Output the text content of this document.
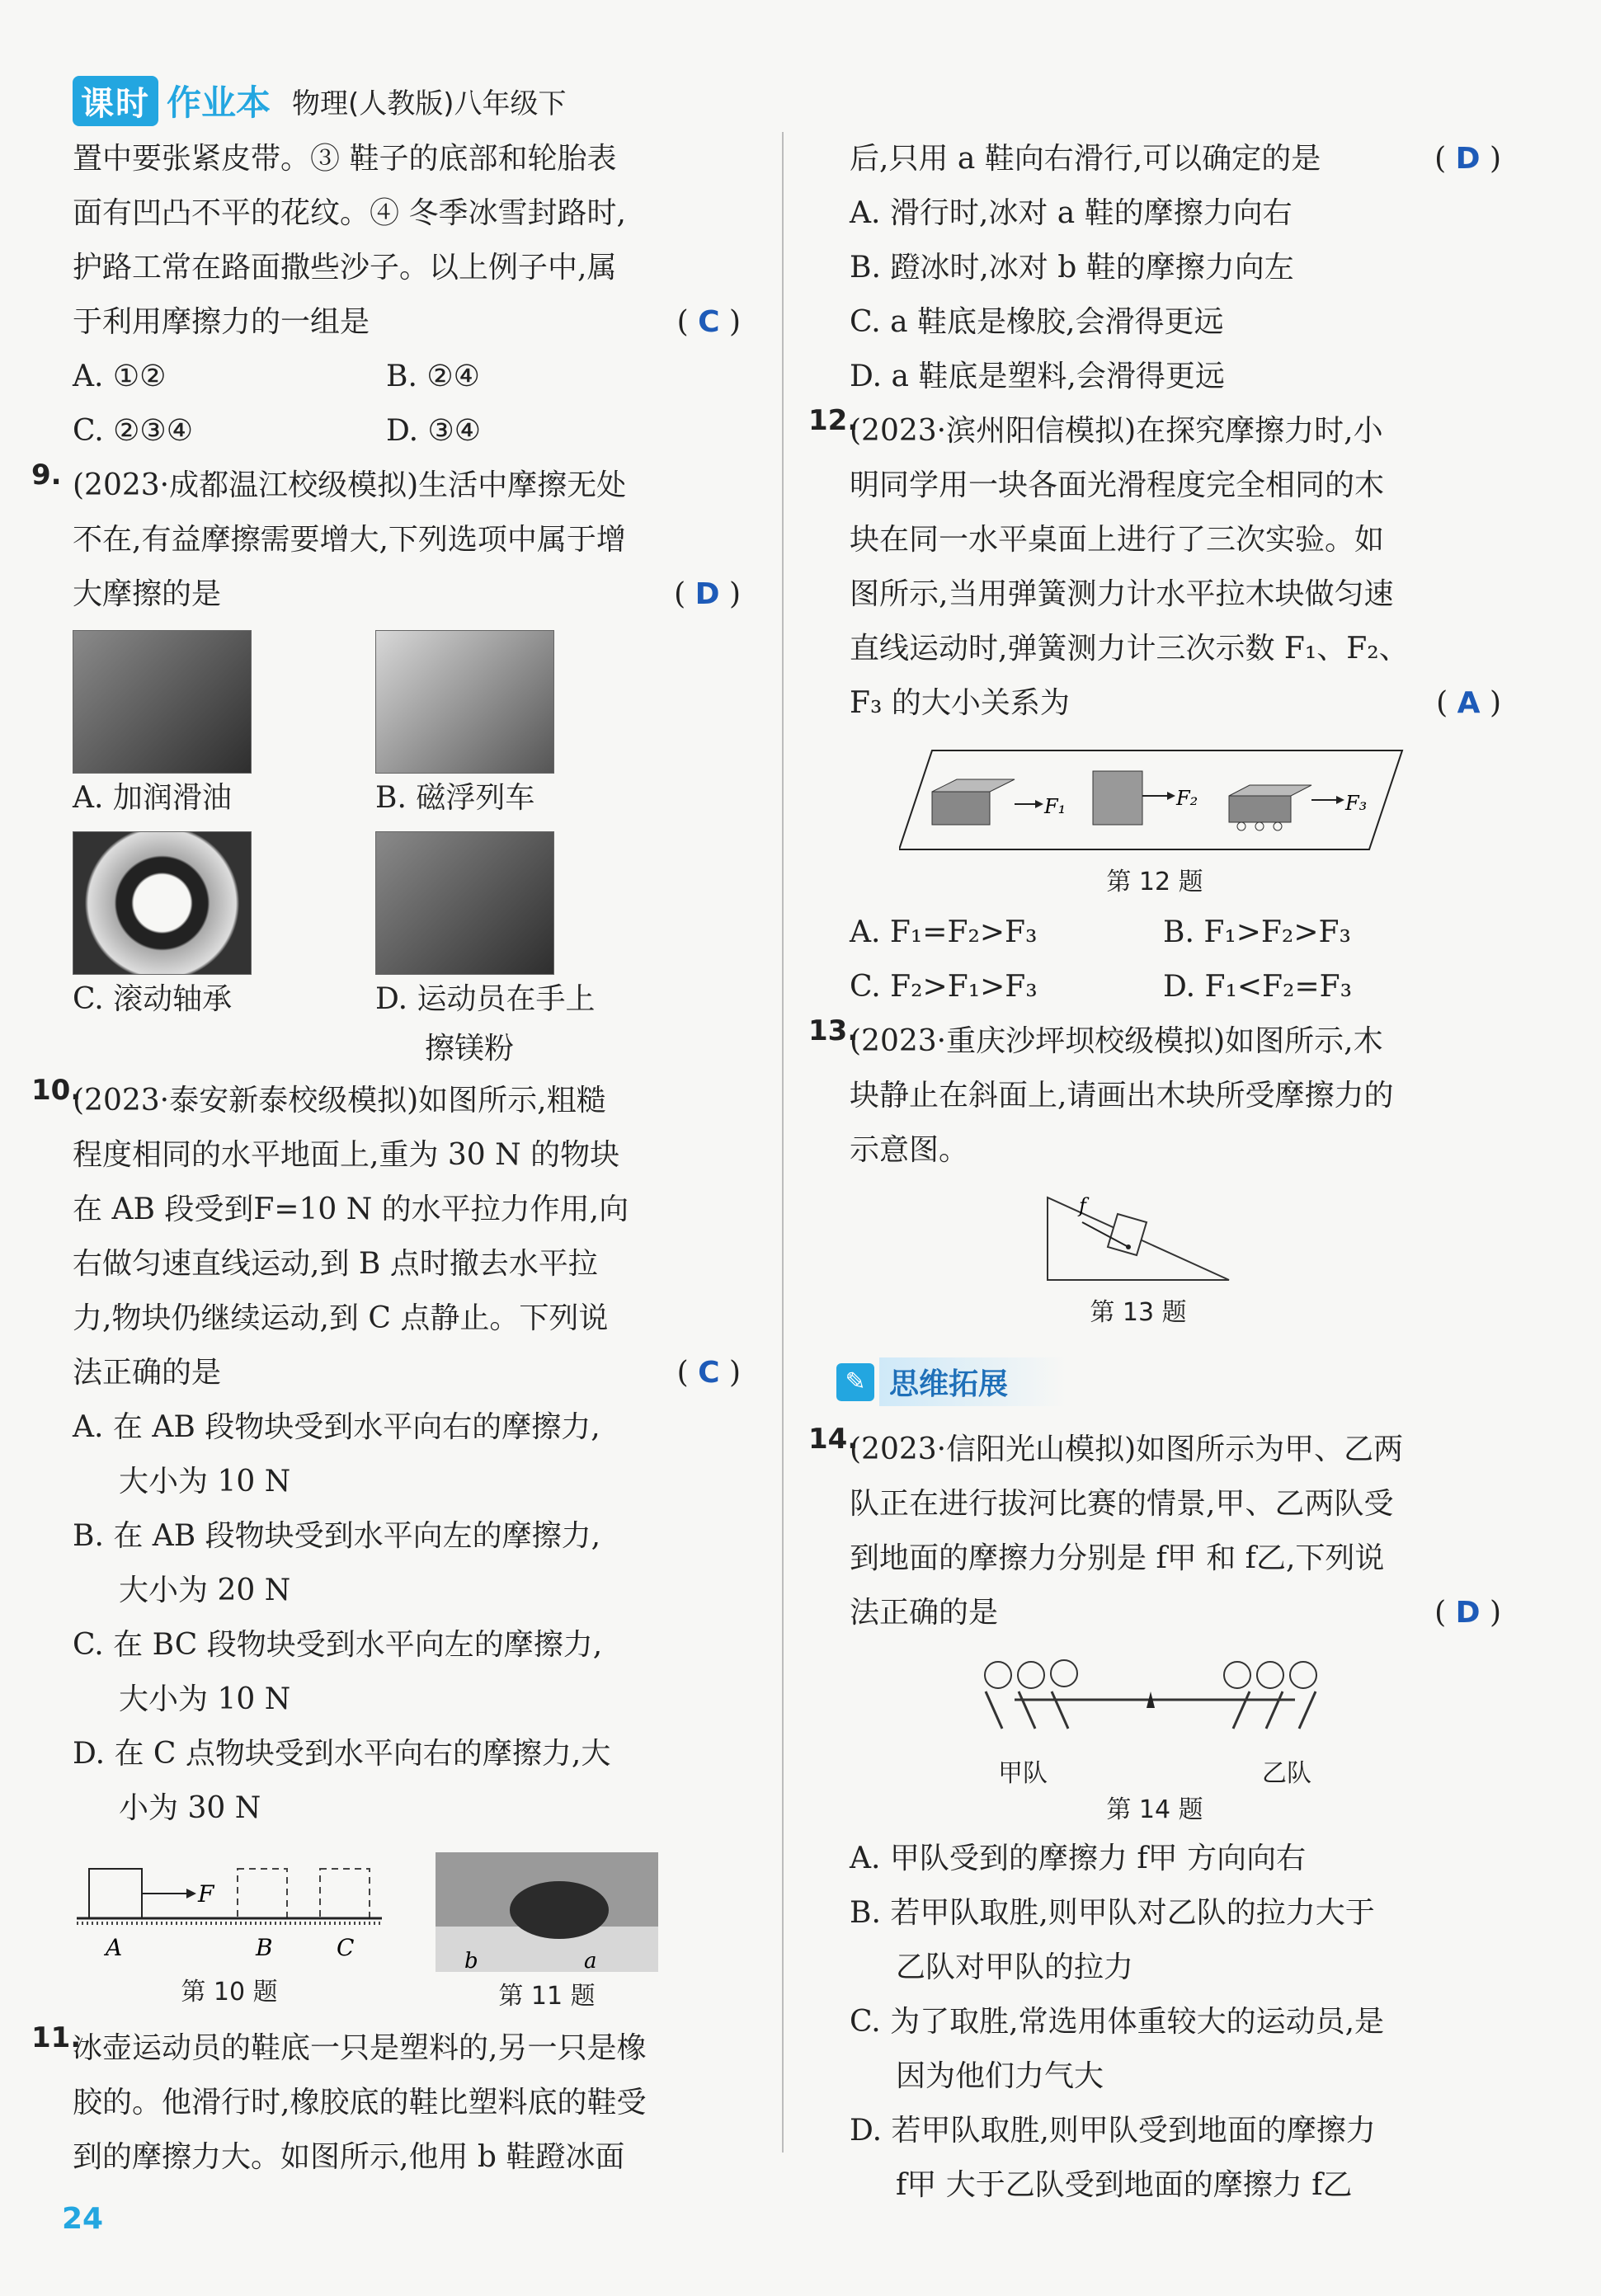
课时 作业本 物理(人教版)八年级下
置中要张紧皮带。③ 鞋子的底部和轮胎表
面有凹凸不平的花纹。④ 冬季冰雪封路时,
护路工常在路面撒些沙子。以上例子中,属
于利用摩擦力的一组是	( C )
A. ①②	B. ②④
C. ②③④	D. ③④
9. (2023·成都温江校级模拟)生活中摩擦无处
不在,有益摩擦需要增大,下列选项中属于增
大摩擦的是	( D )
A. 加润滑油	B. 磁浮列车
C. 滚动轴承	D. 运动员在手上
擦镁粉
10.
(2023·泰安新泰校级模拟)如图所示,粗糙
程度相同的水平地面上,重为 30 N 的物块
在 AB 段受到F=10 N 的水平拉力作用,向
右做匀速直线运动,到 B 点时撤去水平拉
力,物块仍继续运动,到 C 点静止。下列说
法正确的是	( C )
A. 在 AB 段物块受到水平向右的摩擦力,
大小为 10 N
B. 在 AB 段物块受到水平向左的摩擦力,
大小为 20 N
C. 在 BC 段物块受到水平向左的摩擦力,
大小为 10 N
D. 在 C 点物块受到水平向右的摩擦力,大
小为 30 N
F
A	B	C
第 10 题
b	a
第 11 题
11.
冰壶运动员的鞋底一只是塑料的,另一只是橡
胶的。他滑行时,橡胶底的鞋比塑料底的鞋受
到的摩擦力大。如图所示,他用 b 鞋蹬冰面
后,只用 a 鞋向右滑行,可以确定的是	( D )
A. 滑行时,冰对 a 鞋的摩擦力向右
B. 蹬冰时,冰对 b 鞋的摩擦力向左
C. a 鞋底是橡胶,会滑得更远
D. a 鞋底是塑料,会滑得更远
12.
(2023·滨州阳信模拟)在探究摩擦力时,小
明同学用一块各面光滑程度完全相同的木
块在同一水平桌面上进行了三次实验。如
图所示,当用弹簧测力计水平拉木块做匀速
直线运动时,弹簧测力计三次示数 F₁、F₂、
F₃ 的大小关系为	( A )
F₁	F₂	F₃
第 12 题
A. F₁=F₂>F₃	B. F₁>F₂>F₃
C. F₂>F₁>F₃	D. F₁<F₂=F₃
13.
(2023·重庆沙坪坝校级模拟)如图所示,木
块静止在斜面上,请画出木块所受摩擦力的
示意图。
f
第 13 题
✎ 思维拓展
14.
(2023·信阳光山模拟)如图所示为甲、乙两
队正在进行拔河比赛的情景,甲、乙两队受
到地面的摩擦力分别是 f甲 和 f乙,下列说
法正确的是	( D )
甲队	乙队
第 14 题
A. 甲队受到的摩擦力 f甲 方向向右
B. 若甲队取胜,则甲队对乙队的拉力大于
乙队对甲队的拉力
C. 为了取胜,常选用体重较大的运动员,是
因为他们力气大
D. 若甲队取胜,则甲队受到地面的摩擦力
f甲 大于乙队受到地面的摩擦力 f乙
24
